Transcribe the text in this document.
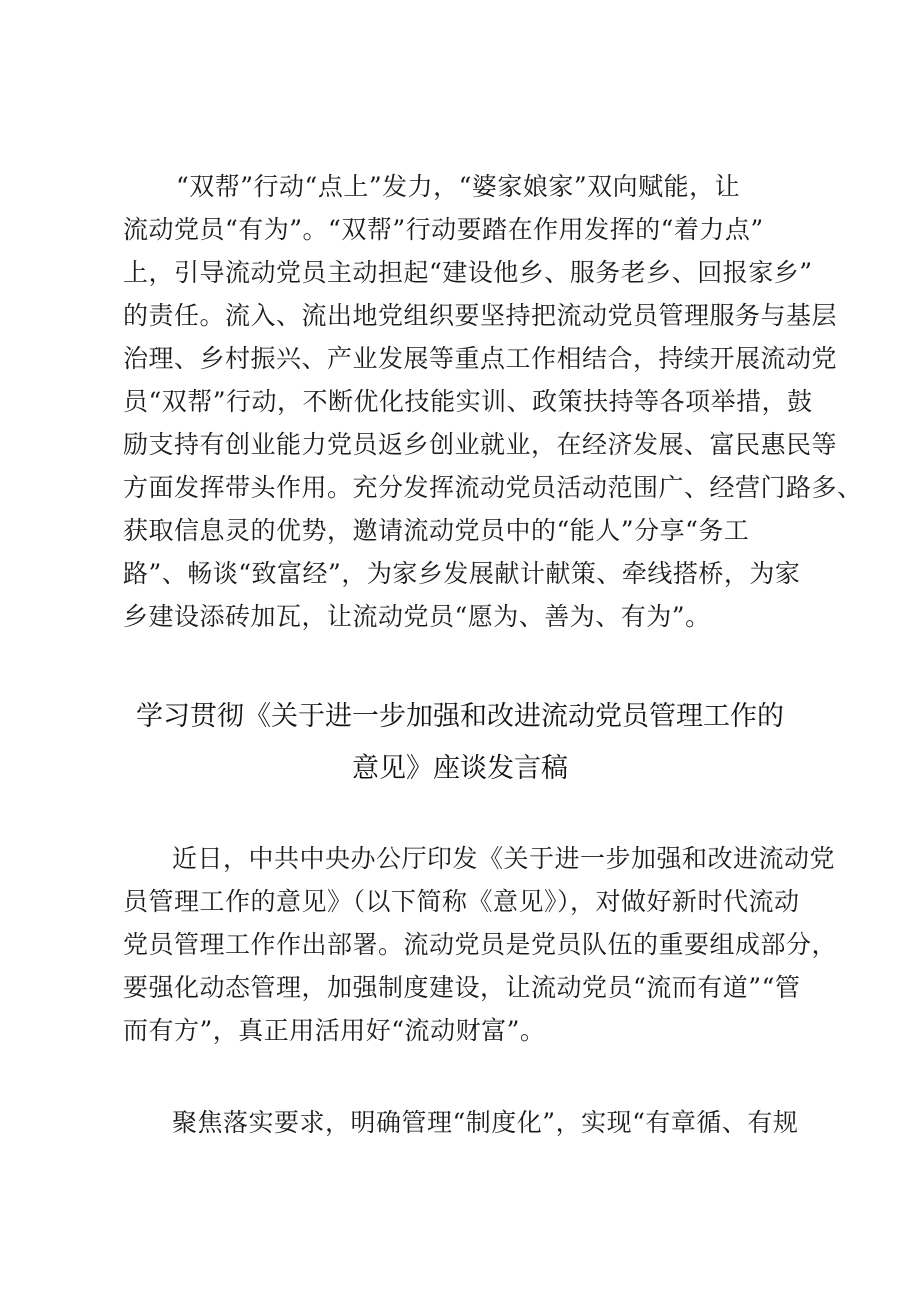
“双帮”行动“点上”发力，“婆家娘家”双向赋能，让
流动党员“有为”。“双帮”行动要踏在作用发挥的“着力点”
上，引导流动党员主动担起“建设他乡、服务老乡、回报家乡”
的责任。流入、流出地党组织要坚持把流动党员管理服务与基层
治理、乡村振兴、产业发展等重点工作相结合，持续开展流动党
员“双帮”行动，不断优化技能实训、政策扶持等各项举措，鼓
励支持有创业能力党员返乡创业就业，在经济发展、富民惠民等
方面发挥带头作用。充分发挥流动党员活动范围广、经营门路多、
获取信息灵的优势，邀请流动党员中的“能人”分享“务工
路”、畅谈“致富经”，为家乡发展献计献策、牵线搭桥，为家
乡建设添砖加瓦，让流动党员“愿为、善为、有为”。
学习贯彻《关于进一步加强和改进流动党员管理工作的
意见》座谈发言稿
近日，中共中央办公厅印发《关于进一步加强和改进流动党
员管理工作的意见》（以下简称《意见》），对做好新时代流动
党员管理工作作出部署。流动党员是党员队伍的重要组成部分，
要强化动态管理，加强制度建设，让流动党员“流而有道”“管
而有方”，真正用活用好“流动财富”。
聚焦落实要求，明确管理“制度化”，实现“有章循、有规
